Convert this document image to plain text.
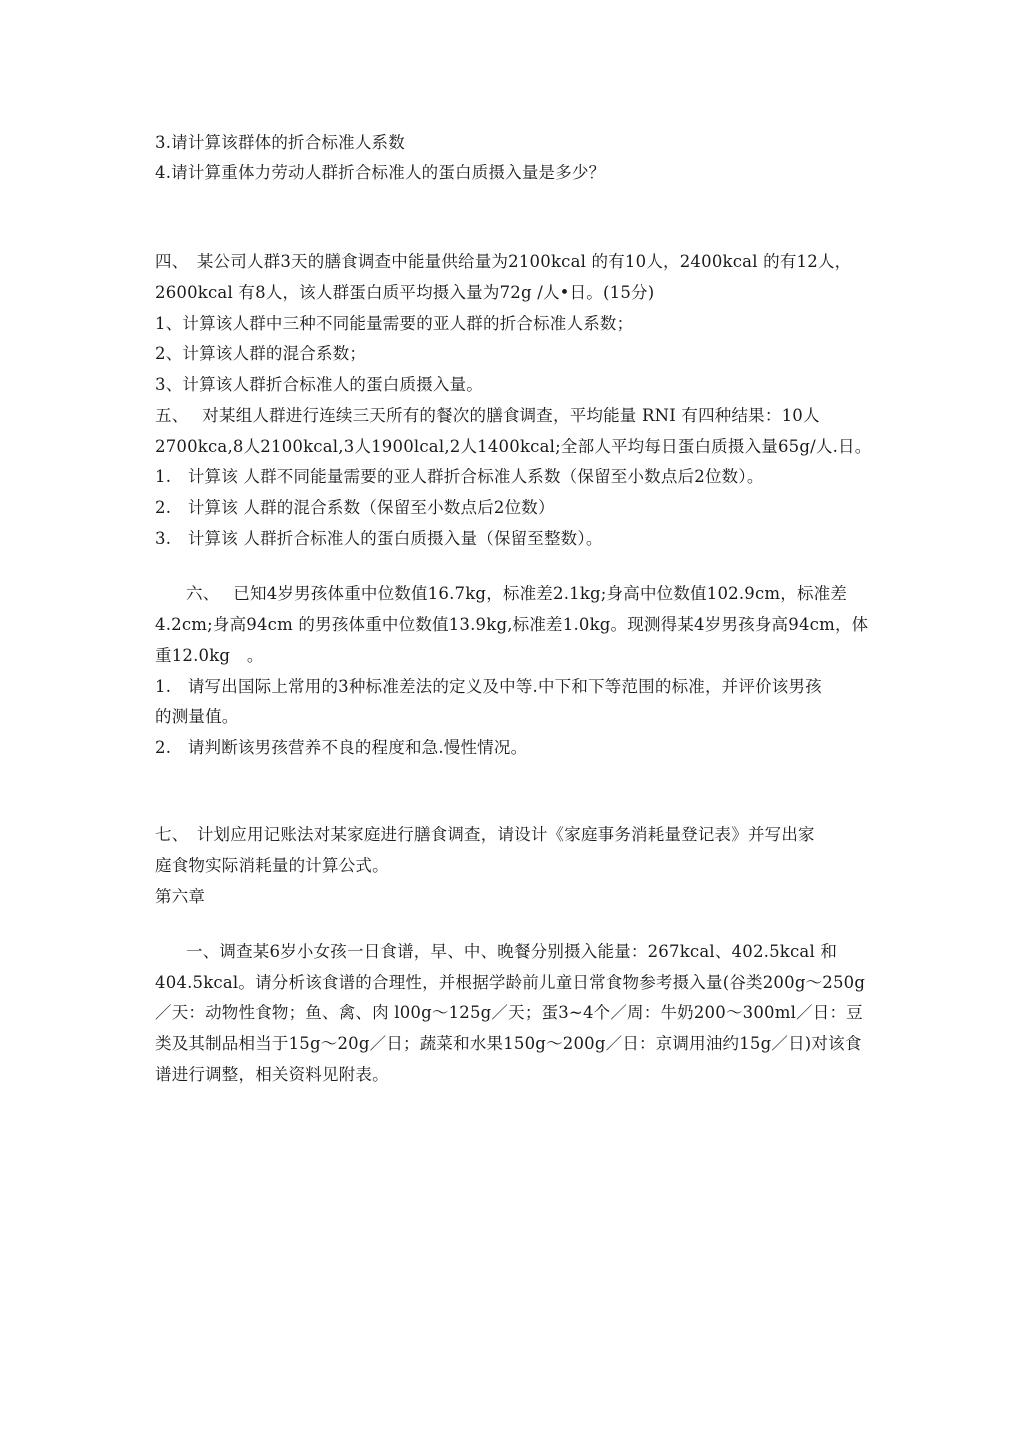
3.请计算该群体的折合标准人系数
4.请计算重体力劳动人群折合标准人的蛋白质摄入量是多少？
四、　某公司人群3天的膳食调查中能量供给量为2100kcal 的有10人，2400kcal 的有12人，
2600kcal 有8人，该人群蛋白质平均摄入量为72g /人•日。(15分)
1、计算该人群中三种不同能量需要的亚人群的折合标准人系数；
2、计算该人群的混合系数；
3、计算该人群折合标准人的蛋白质摄入量。
五、　 对某组人群进行连续三天所有的餐次的膳食调查，平均能量 RNI 有四种结果：10人
2700kca,8人2100kcal,3人1900lcal,2人1400kcal;全部人平均每日蛋白质摄入量65g/人.日。
1.　计算该 人群不同能量需要的亚人群折合标准人系数（保留至小数点后2位数）。
2.　计算该 人群的混合系数（保留至小数点后2位数）
3.　计算该 人群折合标准人的蛋白质摄入量（保留至整数）。
六、　 已知4岁男孩体重中位数值16.7kg，标准差2.1kg;身高中位数值102.9cm，标准差
4.2cm;身高94cm 的男孩体重中位数值13.9kg,标准差1.0kg。现测得某4岁男孩身高94cm，体
重12.0kg　。
1.　请写出国际上常用的3种标准差法的定义及中等.中下和下等范围的标准，并评价该男孩
的测量值。
2.　请判断该男孩营养不良的程度和急.慢性情况。
七、　计划应用记账法对某家庭进行膳食调查，请设计《家庭事务消耗量登记表》并写出家
庭食物实际消耗量的计算公式。
第六章
一、调查某6岁小女孩一日食谱，早、中、晚餐分别摄入能量：267kcal、402.5kcal 和
404.5kcal。请分析该食谱的合理性，并根据学龄前儿童日常食物参考摄入量(谷类200g～250g
／天：动物性食物；鱼、禽、肉 l00g～125g／天；蛋3~4个／周：牛奶200～300ml／日：豆
类及其制品相当于15g～20g／日；蔬菜和水果150g～200g／日：京调用油约15g／日)对该食
谱进行调整，相关资料见附表。
